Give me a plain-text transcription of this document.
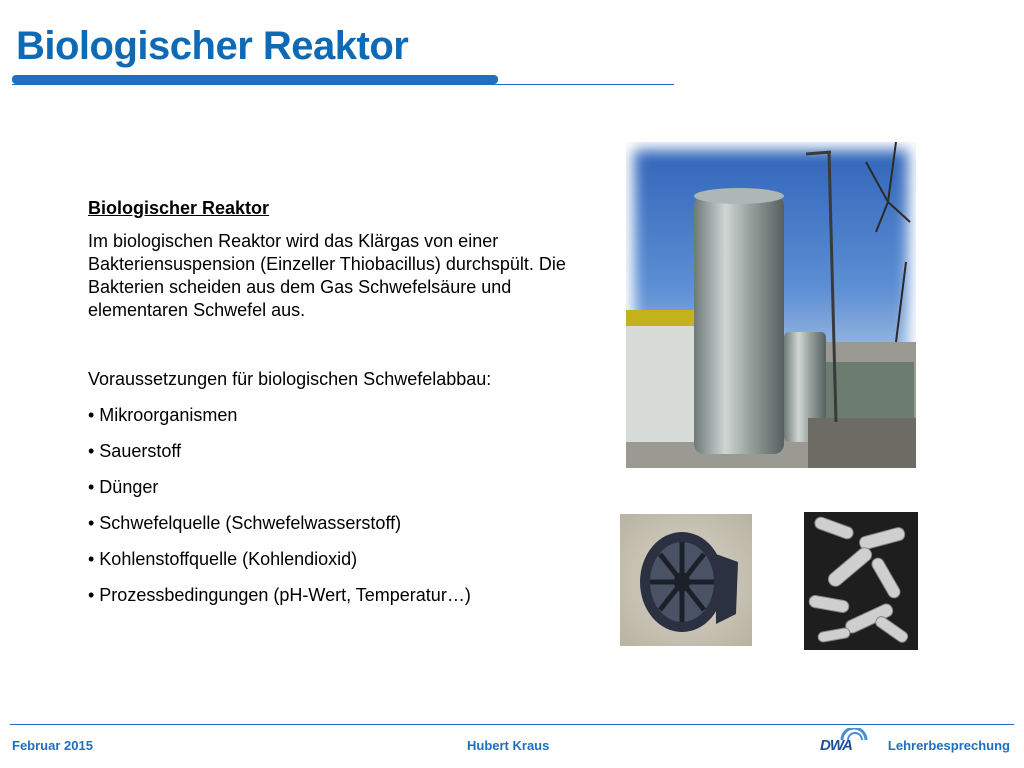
Biologischer Reaktor

Biologischer Reaktor

Im biologischen Reaktor wird das Klärgas von einer Bakteriensuspension (Einzeller Thiobacillus) durchspült. Die Bakterien scheiden aus dem Gas Schwefelsäure und elementaren Schwefel aus.

Voraussetzungen für biologischen Schwefelabbau:

• Mikroorganismen
• Sauerstoff
• Dünger
• Schwefelquelle (Schwefelwasserstoff)
• Kohlenstoffquelle (Kohlendioxid)
• Prozessbedingungen (pH-Wert, Temperatur…)
Februar 2015	Hubert Kraus	DWA	Lehrerbesprechung
